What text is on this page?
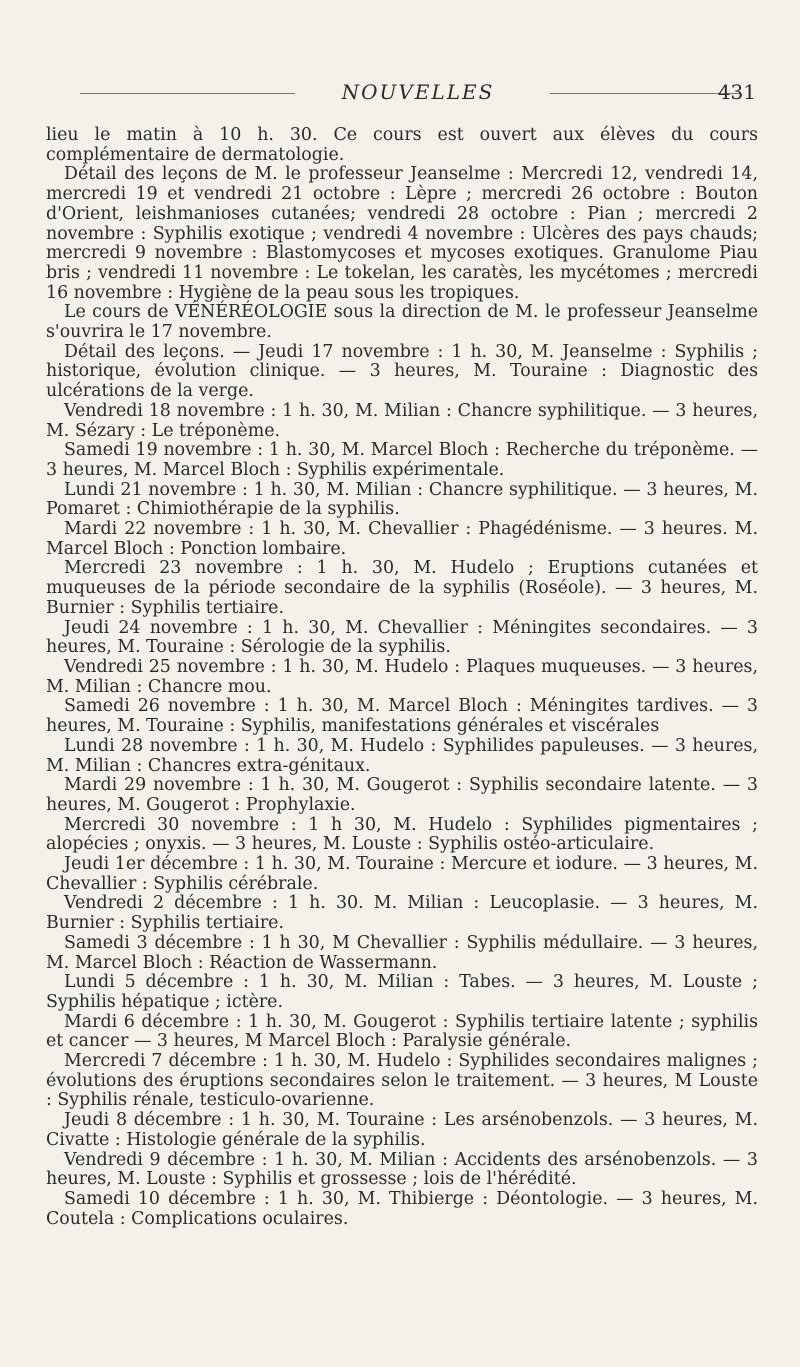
NOUVELLES	431

lieu le matin à 10 h. 30. Ce cours est ouvert aux élèves du cours complémentaire de dermatologie.

Détail des leçons de M. le professeur Jeanselme : Mercredi 12, vendredi 14, mercredi 19 et vendredi 21 octobre : Lèpre ; mercredi 26 octobre : Bouton d'Orient, leishmanioses cutanées; vendredi 28 octobre : Pian ; mercredi 2 novembre : Syphilis exotique ; vendredi 4 novembre : Ulcères des pays chauds; mercredi 9 novembre : Blastomycoses et mycoses exotiques. Granulome Piau bris ; vendredi 11 novembre : Le tokelan, les caratès, les mycétomes ; mercredi 16 novembre : Hygiène de la peau sous les tropiques.

Le cours de VÉNÉRÉOLOGIE sous la direction de M. le professeur Jeanselme s'ouvrira le 17 novembre.

Détail des leçons. — Jeudi 17 novembre : 1 h. 30, M. Jeanselme : Syphilis ; historique, évolution clinique. — 3 heures, M. Touraine : Diagnostic des ulcérations de la verge.

Vendredi 18 novembre : 1 h. 30, M. Milian : Chancre syphilitique. — 3 heures, M. Sézary : Le tréponème.

Samedi 19 novembre : 1 h. 30, M. Marcel Bloch : Recherche du tréponème. — 3 heures, M. Marcel Bloch : Syphilis expérimentale.

Lundi 21 novembre : 1 h. 30, M. Milian : Chancre syphilitique. — 3 heures, M. Pomaret : Chimiothérapie de la syphilis.

Mardi 22 novembre : 1 h. 30, M. Chevallier : Phagédénisme. — 3 heures. M. Marcel Bloch : Ponction lombaire.

Mercredi 23 novembre : 1 h. 30, M. Hudelo ; Eruptions cutanées et muqueuses de la période secondaire de la syphilis (Roséole). — 3 heures, M. Burnier : Syphilis tertiaire.

Jeudi 24 novembre : 1 h. 30, M. Chevallier : Méningites secondaires. — 3 heures, M. Touraine : Sérologie de la syphilis.

Vendredi 25 novembre : 1 h. 30, M. Hudelo : Plaques muqueuses. — 3 heures, M. Milian : Chancre mou.

Samedi 26 novembre : 1 h. 30, M. Marcel Bloch : Méningites tardives. — 3 heures, M. Touraine : Syphilis, manifestations générales et viscérales

Lundi 28 novembre : 1 h. 30, M. Hudelo : Syphilides papuleuses. — 3 heures, M. Milian : Chancres extra-génitaux.

Mardi 29 novembre : 1 h. 30, M. Gougerot : Syphilis secondaire latente. — 3 heures, M. Gougerot : Prophylaxie.

Mercredi 30 novembre : 1 h 30, M. Hudelo : Syphilides pigmentaires ; alopécies ; onyxis. — 3 heures, M. Louste : Syphilis ostéo-articulaire.

Jeudi 1er décembre : 1 h. 30, M. Touraine : Mercure et iodure. — 3 heures, M. Chevallier : Syphilis cérébrale.

Vendredi 2 décembre : 1 h. 30. M. Milian : Leucoplasie. — 3 heures, M. Burnier : Syphilis tertiaire.

Samedi 3 décembre : 1 h 30, M Chevallier : Syphilis médullaire. — 3 heures, M. Marcel Bloch : Réaction de Wassermann.

Lundi 5 décembre : 1 h. 30, M. Milian : Tabes. — 3 heures, M. Louste ; Syphilis hépatique ; ictère.

Mardi 6 décembre : 1 h. 30, M. Gougerot : Syphilis tertiaire latente ; syphilis et cancer — 3 heures, M Marcel Bloch : Paralysie générale.

Mercredi 7 décembre : 1 h. 30, M. Hudelo : Syphilides secondaires malignes ; évolutions des éruptions secondaires selon le traitement. — 3 heures, M Louste : Syphilis rénale, testiculo-ovarienne.

Jeudi 8 décembre : 1 h. 30, M. Touraine : Les arsénobenzols. — 3 heures, M. Civatte : Histologie générale de la syphilis.

Vendredi 9 décembre : 1 h. 30, M. Milian : Accidents des arsénobenzols. — 3 heures, M. Louste : Syphilis et grossesse ; lois de l'hérédité.

Samedi 10 décembre : 1 h. 30, M. Thibierge : Déontologie. — 3 heures, M. Coutela : Complications oculaires.
